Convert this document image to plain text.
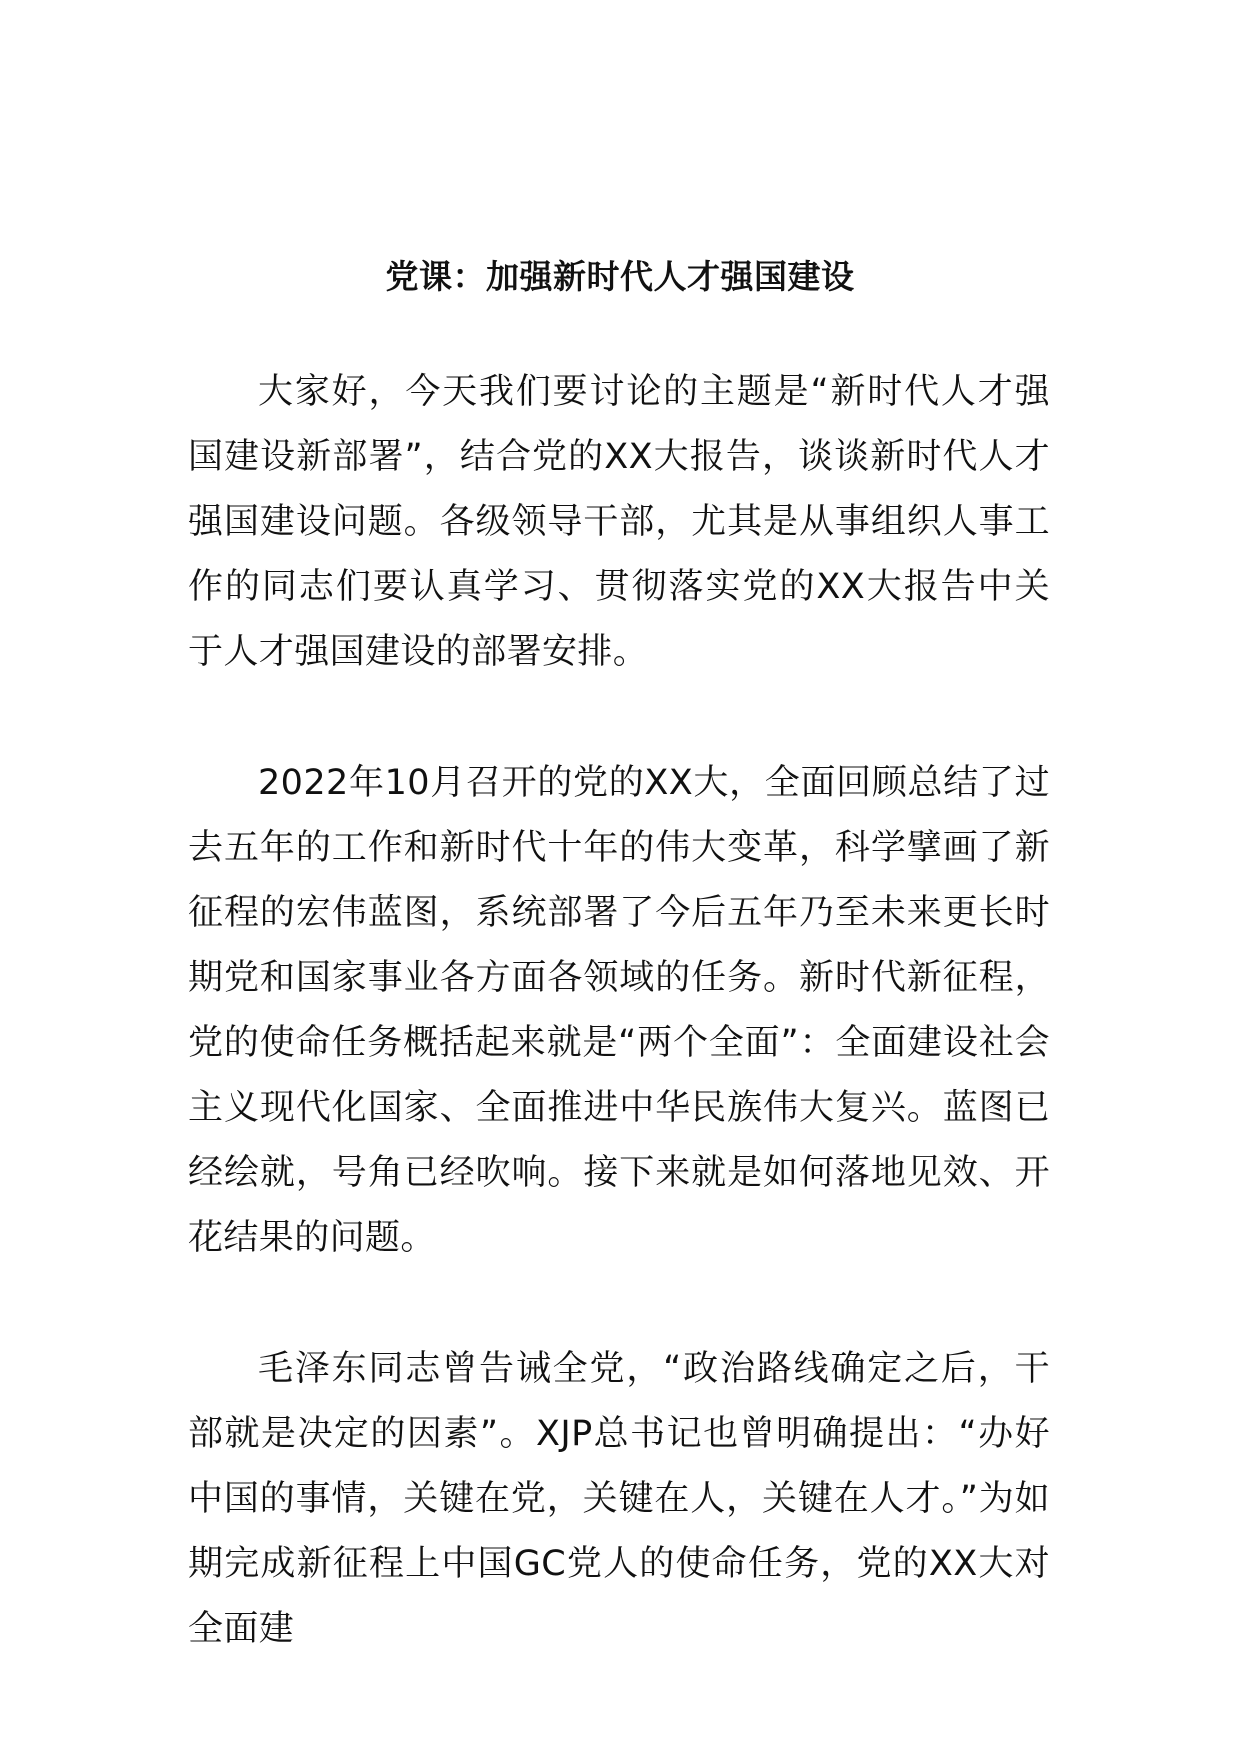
党课：加强新时代人才强国建设

大家好，今天我们要讨论的主题是“新时代人才强国建设新部署”，结合党的XX大报告，谈谈新时代人才强国建设问题。各级领导干部，尤其是从事组织人事工作的同志们要认真学习、贯彻落实党的XX大报告中关于人才强国建设的部署安排。

2022年10月召开的党的XX大，全面回顾总结了过去五年的工作和新时代十年的伟大变革，科学擘画了新征程的宏伟蓝图，系统部署了今后五年乃至未来更长时期党和国家事业各方面各领域的任务。新时代新征程，党的使命任务概括起来就是“两个全面”：全面建设社会主义现代化国家、全面推进中华民族伟大复兴。蓝图已经绘就，号角已经吹响。接下来就是如何落地见效、开花结果的问题。

毛泽东同志曾告诫全党，“政治路线确定之后，干部就是决定的因素”。XJP总书记也曾明确提出：“办好中国的事情，关键在党，关键在人，关键在人才。”为如期完成新征程上中国GC党人的使命任务，党的XX大对全面建
